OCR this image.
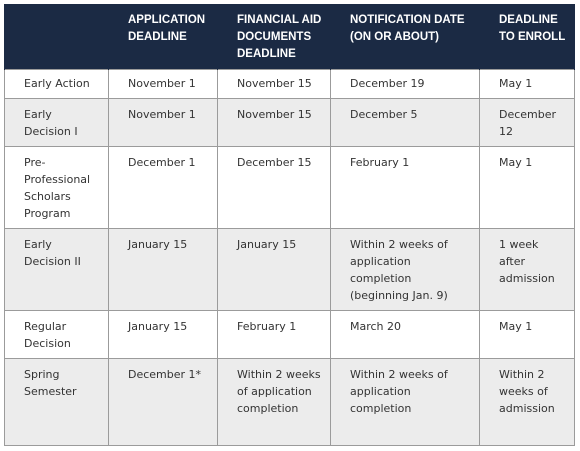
	APPLICATION DEADLINE	FINANCIAL AID DOCUMENTS DEADLINE	NOTIFICATION DATE (ON OR ABOUT)	DEADLINE TO ENROLL
Early Action	November 1	November 15	December 19	May 1
Early Decision I	November 1	November 15	December 5	December 12
Pre-Professional Scholars Program	December 1	December 15	February 1	May 1
Early Decision II	January 15	January 15	Within 2 weeks of application completion (beginning Jan. 9)	1 week after admission
Regular Decision	January 15	February 1	March 20	May 1
Spring Semester	December 1*	Within 2 weeks of application completion	Within 2 weeks of application completion	Within 2 weeks of admission
